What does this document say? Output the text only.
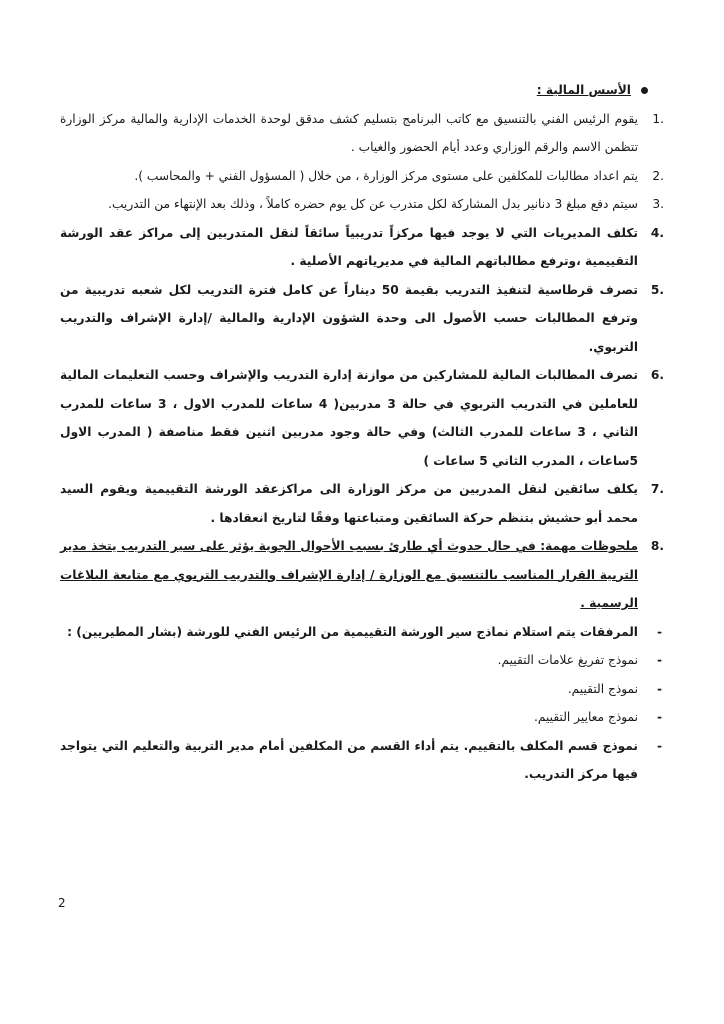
الأسس المالية :
1.
يقوم الرئيس الفني بالتنسيق مع كاتب البرنامج بتسليم كشف مدقق لوحدة الخدمات الإدارية والمالية مركز الوزارة تتظمن الاسم والرقم الوزاري وعدد أيام الحضور والغياب .
2.
يتم اعداد مطالبات للمكلفين على مستوى مركز الوزارة ، من خلال ( المسؤول الفني + والمحاسب ).
3.
سيتم دفع مبلغ 3 دنانير بدل المشاركة لكل متدرب عن كل يوم حضره كاملاً ، وذلك بعد الإنتهاء من التدريب.
4.
تكلف المديريات التي لا يوجد فيها مركزاً تدريبياً سائقاً لنقل المتدربين إلى مراكز عقد الورشة التقييمية ،وترفع مطالباتهم المالية في مديرياتهم الأصلية .
5.
تصرف قرطاسية لتنفيذ التدريب بقيمة 50 ديناراً عن كامل فترة التدريب لكل شعبه تدريبية من وترفع المطالبات حسب الأصول الى وحدة الشؤون الإدارية والمالية /إدارة الإشراف والتدريب التربوي.
6.
تصرف المطالبات المالية للمشاركين من موازنة إدارة التدريب والإشراف وحسب التعليمات المالية للعاملين في التدريب التربوي في حالة 3 مدربين( 4 ساعات للمدرب الاول ، 3 ساعات للمدرب الثاني ، 3 ساعات للمدرب الثالث) وفي حالة وجود مدربين اثنين فقط مناصفة ( المدرب الاول 5ساعات ، المدرب الثاني 5 ساعات )
7.
يكلف سائقين لنقل المدربين من مركز الوزارة الى مراكزعقد الورشة التقييمية ويقوم السيد محمد أبو حشيش بتنظم حركة السائقين ومتباعتها وفقًا لتاريخ انعقادها .
8.
ملحوظات مهمة: في حال حدوث أي طارئ بسبب الأحوال الجوية يؤثر على سير التدريب يتخذ مدير التربية القرار المناسب بالتنسيق مع الوزارة / إدارة الإشراف والتدريب التربوي مع متابعة البلاغات الرسمية .
-
المرفقات يتم استلام نماذج سير الورشة التقييمية من الرئيس الفني للورشة (بشار المطيريين) :
-
نموذج تفريغ علامات التقييم.
-
نموذج التقييم.
-
نموذج معايير التقييم.
-
نموذج قسم المكلف بالتقييم. يتم أداء القسم من المكلفين أمام مدير التربية والتعليم التي يتواجد فيها مركز التدريب.
2
